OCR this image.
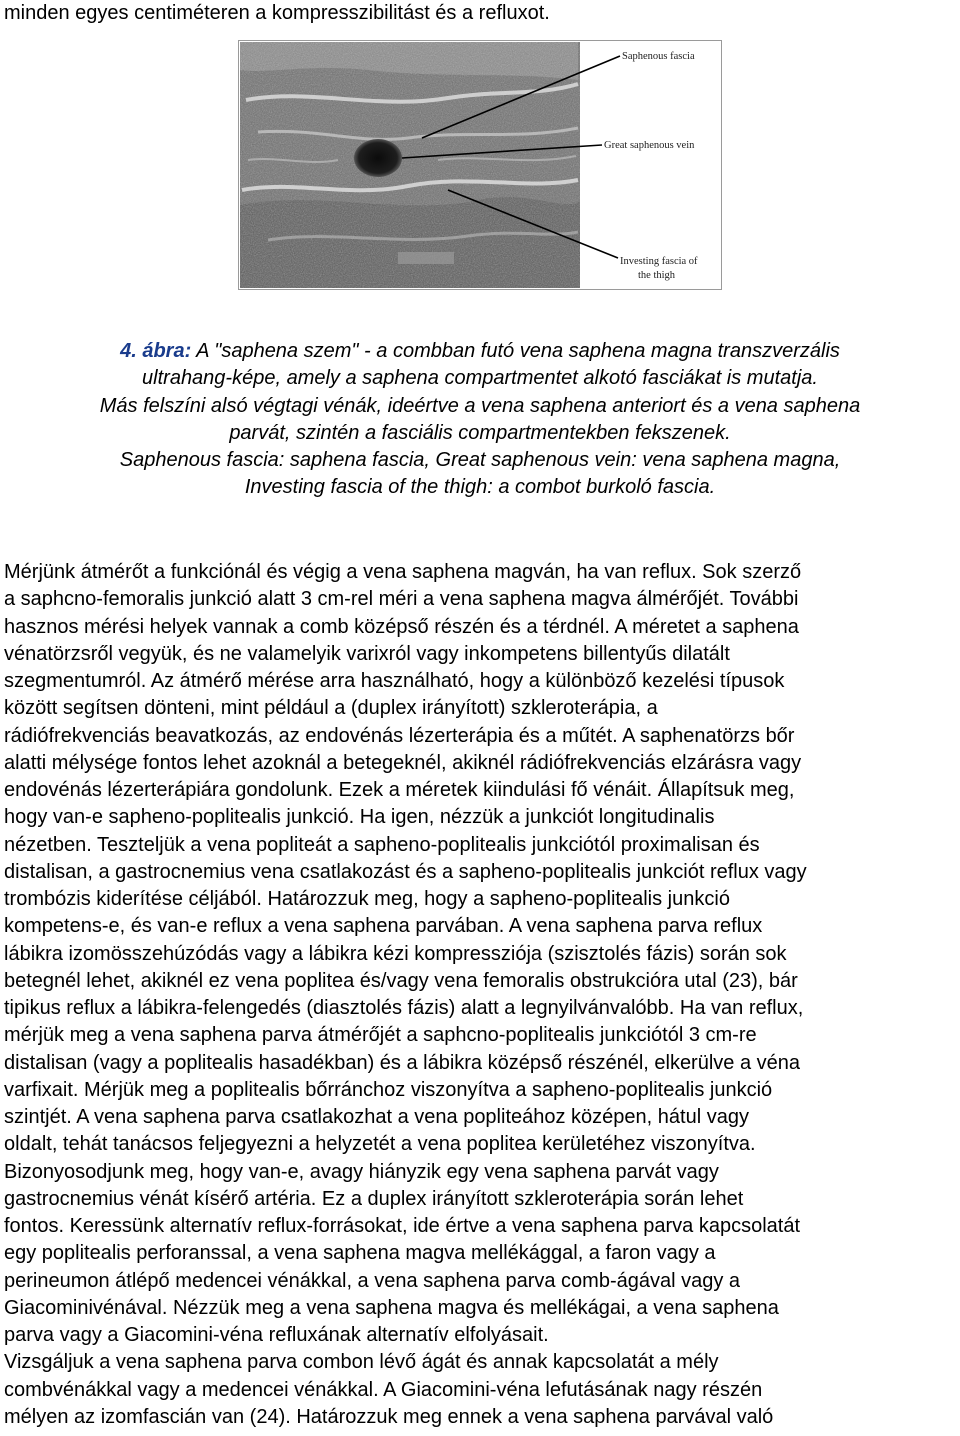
minden egyes centiméteren a kompresszibilitást és a refluxot.
Saphenous fascia
Great saphenous vein
Investing fascia of
the thigh
4. ábra: A "saphena szem" - a combban futó vena saphena magna transzverzális
ultrahang-képe, amely a saphena compartmentet alkotó fasciákat is mutatja.
Más felszíni alsó végtagi vénák, ideértve a vena saphena anteriort és a vena saphena
parvát, szintén a fasciális compartmentekben fekszenek.
Saphenous fascia: saphena fascia, Great saphenous vein: vena saphena magna,
Investing fascia of the thigh: a combot burkoló fascia.
Mérjünk átmérőt a funkciónál és végig a vena saphena magván, ha van reflux. Sok szerző
a saphcno-femoralis junkció alatt 3 cm-rel méri a vena saphena magva álmérőjét. További
hasznos mérési helyek vannak a comb középső részén és a térdnél. A méretet a saphena
vénatörzsről vegyük, és ne valamelyik varixról vagy inkompetens billentyűs dilatált
szegmentumról. Az átmérő mérése arra használható, hogy a különböző kezelési típusok
között segítsen dönteni, mint például a (duplex irányított) szkleroterápia, a
rádiófrekvenciás beavatkozás, az endovénás lézerterápia és a műtét. A saphenatörzs bőr
alatti mélysége fontos lehet azoknál a betegeknél, akiknél rádiófrekvenciás elzárásra vagy
endovénás lézerterápiára gondolunk. Ezek a méretek kiindulási fő vénáit. Állapítsuk meg,
hogy van-e sapheno-poplitealis junkció. Ha igen, nézzük a junkciót longitudinalis
nézetben. Teszteljük a vena popliteát a sapheno-poplitealis junkciótól proximalisan és
distalisan, a gastrocnemius vena csatlakozást és a sapheno-poplitealis junkciót reflux vagy
trombózis kiderítése céljából. Határozzuk meg, hogy a sapheno-poplitealis junkció
kompetens-e, és van-e reflux a vena saphena parvában. A vena saphena parva reflux
lábikra izomösszehúzódás vagy a lábikra kézi kompressziója (szisztolés fázis) során sok
betegnél lehet, akiknél ez vena poplitea és/vagy vena femoralis obstrukcióra utal (23), bár
tipikus reflux a lábikra-felengedés (diasztolés fázis) alatt a legnyilvánvalóbb. Ha van reflux,
mérjük meg a vena saphena parva átmérőjét a saphcno-poplitealis junkciótól 3 cm-re
distalisan (vagy a poplitealis hasadékban) és a lábikra középső részénél, elkerülve a véna
varfixait. Mérjük meg a poplitealis bőrránchoz viszonyítva a sapheno-poplitealis junkció
szintjét. A vena saphena parva csatlakozhat a vena popliteához középen, hátul vagy
oldalt, tehát tanácsos feljegyezni a helyzetét a vena poplitea kerületéhez viszonyítva.
Bizonyosodjunk meg, hogy van-e, avagy hiányzik egy vena saphena parvát vagy
gastrocnemius vénát kísérő artéria. Ez a duplex irányított szkleroterápia során lehet
fontos. Keressünk alternatív reflux-forrásokat, ide értve a vena saphena parva kapcsolatát
egy poplitealis perforanssal, a vena saphena magva mellékággal, a faron vagy a
perineumon átlépő medencei vénákkal, a vena saphena parva comb-ágával vagy a
Giacominivénával. Nézzük meg a vena saphena magva és mellékágai, a vena saphena
parva vagy a Giacomini-véna refluxának alternatív elfolyásait.
Vizsgáljuk a vena saphena parva combon lévő ágát és annak kapcsolatát a mély
combvénákkal vagy a medencei vénákkal. A Giacomini-véna lefutásának nagy részén
mélyen az izomfascián van (24). Határozzuk meg ennek a vena saphena parvával való
